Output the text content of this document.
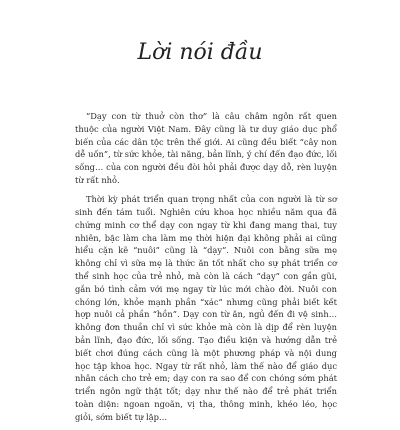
Lời nói đầu

“Dạy con từ thuở còn thơ” là câu châm ngôn rất quen thuộc của người Việt Nam. Đây cũng là tư duy giáo dục phổ biến của các dân tộc trên thế giới. Ai cũng đều biết “cây non dễ uốn”, từ sức khỏe, tài năng, bản lĩnh, ý chí đến đạo đức, lối sống… của con người đều đòi hỏi phải được dạy dỗ, rèn luyện từ rất nhỏ.

Thời kỳ phát triển quan trọng nhất của con người là từ sơ sinh đến tám tuổi. Nghiên cứu khoa học nhiều năm qua đã chứng minh cơ thể dạy con ngay từ khi đang mang thai, tuy nhiên, bậc làm cha làm mẹ thời hiện đại không phải ai cũng hiểu cặn kẽ “nuôi” cũng là “dạy”. Nuôi con bằng sữa mẹ không chỉ vì sữa mẹ là thức ăn tốt nhất cho sự phát triển cơ thể sinh học của trẻ nhỏ, mà còn là cách “dạy” con gần gũi, gắn bó tình cảm với mẹ ngay từ lúc mới chào đời. Nuôi con chóng lớn, khỏe mạnh phần “xác” nhưng cũng phải biết kết hợp nuôi cả phần “hồn”. Dạy con từ ăn, ngủ đến đi vệ sinh… không đơn thuần chỉ vì sức khỏe mà còn là dịp để rèn luyện bản lĩnh, đạo đức, lối sống. Tạo điều kiện và hướng dẫn trẻ biết chơi đúng cách cũng là một phương pháp và nội dung học tập khoa học. Ngay từ rất nhỏ, làm thế nào để giáo dục nhân cách cho trẻ em; dạy con ra sao để con chóng sớm phát triển ngôn ngữ thật tốt; dạy như thế nào để trẻ phát triển toàn diện: ngoan ngoãn, vị tha, thông minh, khéo léo, học giỏi, sớm biết tự lập…
